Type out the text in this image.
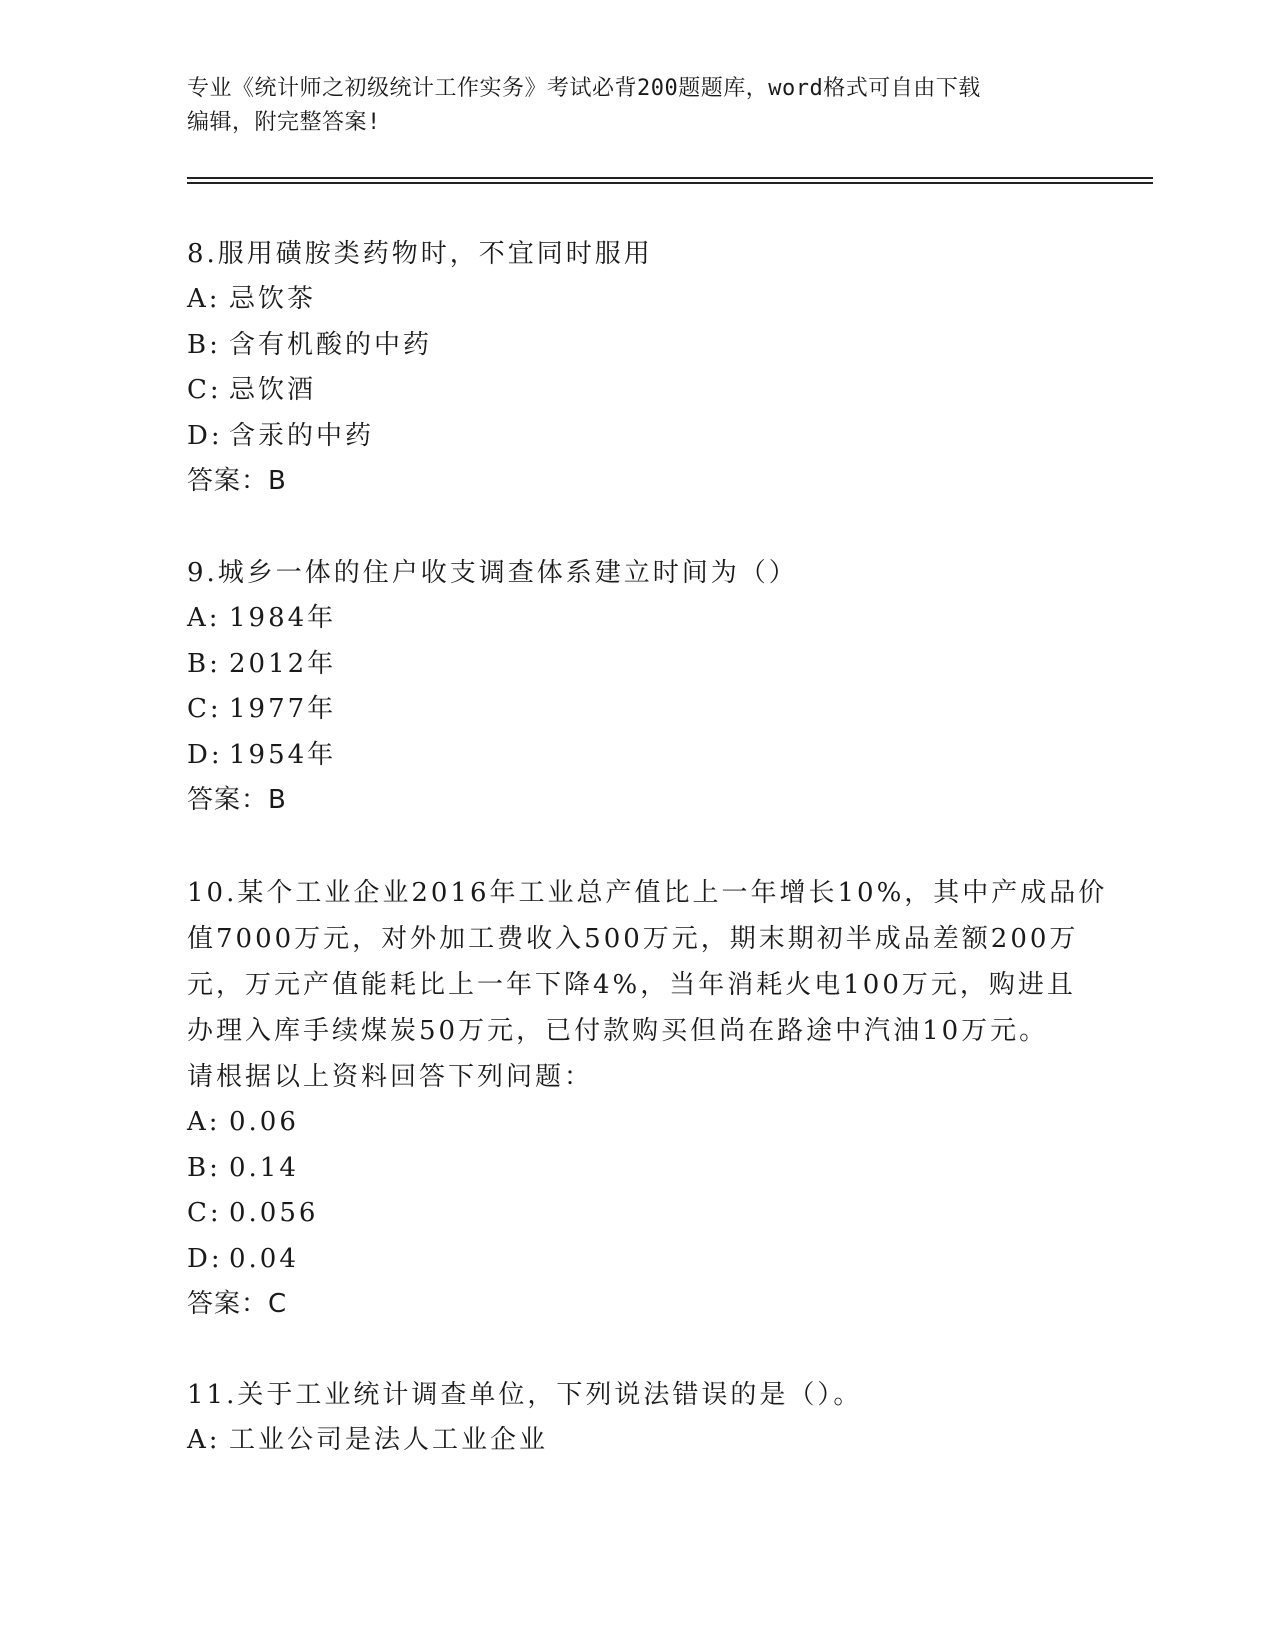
专业《统计师之初级统计工作实务》考试必背200题题库，word格式可自由下载
编辑，附完整答案!
8.服用磺胺类药物时，不宜同时服用
A: 忌饮茶
B: 含有机酸的中药
C: 忌饮酒
D: 含汞的中药
答案：B
9.城乡一体的住户收支调查体系建立时间为（）
A: 1984年
B: 2012年
C: 1977年
D: 1954年
答案：B
10.某个工业企业2016年工业总产值比上一年增长10%，其中产成品价
值7000万元，对外加工费收入500万元，期末期初半成品差额200万
元，万元产值能耗比上一年下降4%，当年消耗火电100万元，购进且
办理入库手续煤炭50万元，已付款购买但尚在路途中汽油10万元。
请根据以上资料回答下列问题：
A: 0.06
B: 0.14
C: 0.056
D: 0.04
答案：C
11.关于工业统计调查单位，下列说法错误的是（）。
A: 工业公司是法人工业企业
